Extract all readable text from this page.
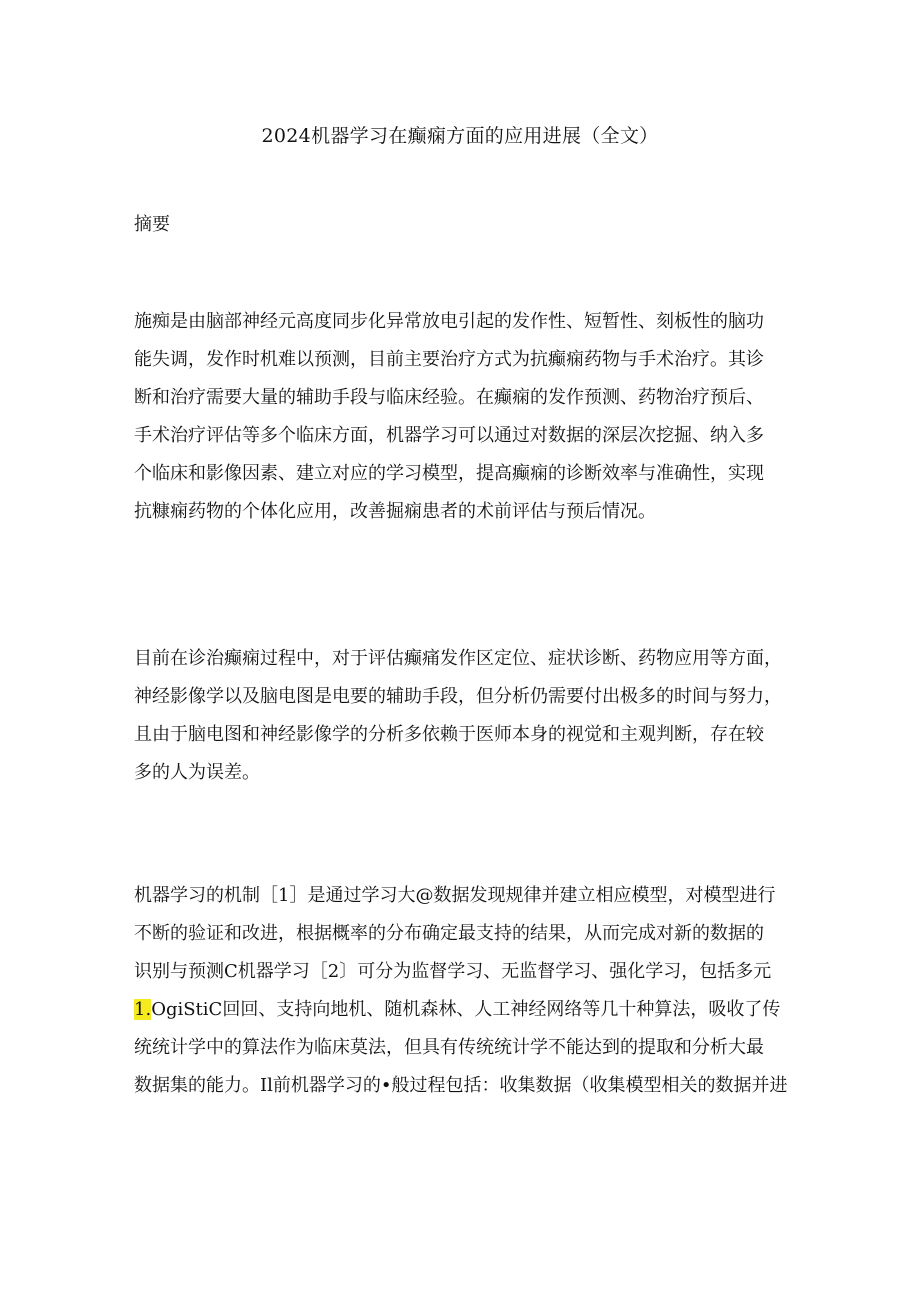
2024机器学习在癫痫方面的应用进展（全文）
摘要
施痴是由脑部神经元高度同步化异常放电引起的发作性、短暂性、刻板性的脑功
能失调，发作时机难以预测，目前主要治疗方式为抗癫痫药物与手术治疗。其诊
断和治疗需要大量的辅助手段与临床经验。在癫痫的发作预测、药物治疗预后、
手术治疗评估等多个临床方面，机器学习可以通过对数据的深层次挖掘、纳入多
个临床和影像因素、建立对应的学习模型，提高癫痫的诊断效率与准确性，实现
抗糠痫药物的个体化应用，改善掘痫患者的术前评估与预后情况。
目前在诊治癫痫过程中，对于评估癫痛发作区定位、症状诊断、药物应用等方面，
神经影像学以及脑电图是电要的辅助手段，但分析仍需要付出极多的时间与努力，
且由于脑电图和神经影像学的分析多依赖于医师本身的视觉和主观判断，存在较
多的人为误差。
机器学习的机制［1］是通过学习大@数据发现规律并建立相应模型，对模型进行
不断的验证和改进，根据概率的分布确定最支持的结果，从而完成对新的数据的
识别与预测C机器学习［2〕可分为监督学习、无监督学习、强化学习，包括多元
1.OgiStiC回回、支持向地机、随机森林、人工神经网络等几十种算法，吸收了传
统统计学中的算法作为临床莫法，但具有传统统计学不能达到的提取和分析大最
数据集的能力。Il前机器学习的•般过程包括：收集数据（收集模型相关的数据并进
